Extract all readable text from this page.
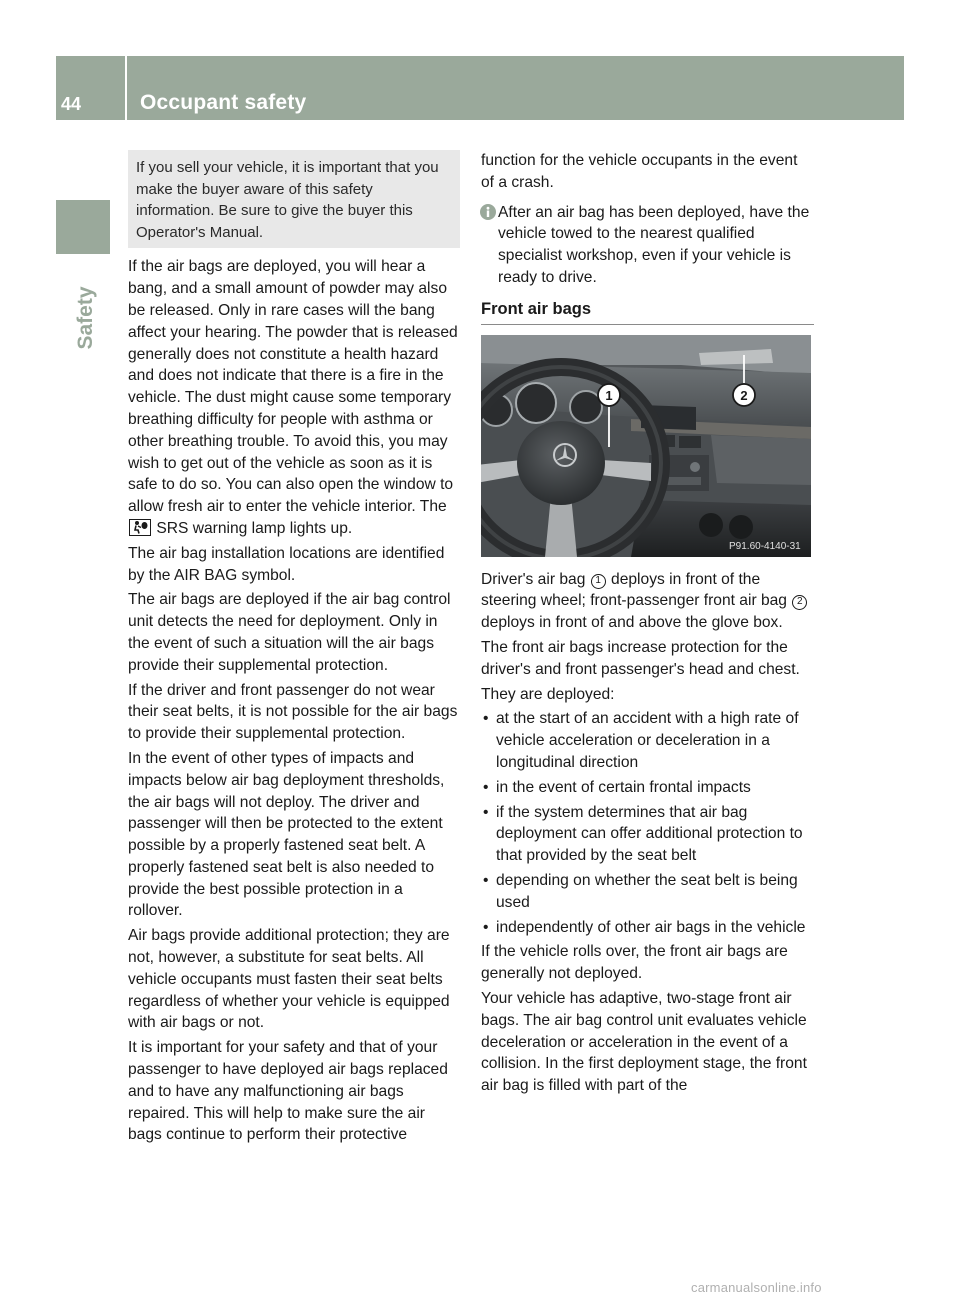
44	Occupant safety
Safety
If you sell your vehicle, it is important that you make the buyer aware of this safety information. Be sure to give the buyer this Operator's Manual.

If the air bags are deployed, you will hear a bang, and a small amount of powder may also be released. Only in rare cases will the bang affect your hearing. The powder that is released generally does not constitute a health hazard and does not indicate that there is a fire in the vehicle. The dust might cause some temporary breathing difficulty for people with asthma or other breathing trouble. To avoid this, you may wish to get out of the vehicle as soon as it is safe to do so. You can also open the window to allow fresh air to enter the vehicle interior. The  SRS warning lamp lights up.

The air bag installation locations are identified by the AIR BAG symbol.

The air bags are deployed if the air bag control unit detects the need for deployment. Only in the event of such a situation will the air bags provide their supplemental protection.

If the driver and front passenger do not wear their seat belts, it is not possible for the air bags to provide their supplemental protection.

In the event of other types of impacts and impacts below air bag deployment thresholds, the air bags will not deploy. The driver and passenger will then be protected to the extent possible by a properly fastened seat belt. A properly fastened seat belt is also needed to provide the best possible protection in a rollover.

Air bags provide additional protection; they are not, however, a substitute for seat belts. All vehicle occupants must fasten their seat belts regardless of whether your vehicle is equipped with air bags or not.

It is important for your safety and that of your passenger to have deployed air bags replaced and to have any malfunctioning air bags repaired. This will help to make sure the air bags continue to perform their protective

function for the vehicle occupants in the event of a crash.

After an air bag has been deployed, have the vehicle towed to the nearest qualified specialist workshop, even if your vehicle is ready to drive.
Front air bags
1	2
P91.60-4140-31

Driver's air bag 1 deploys in front of the steering wheel; front-passenger front air bag 2 deploys in front of and above the glove box.

The front air bags increase protection for the driver's and front passenger's head and chest.

They are deployed:

• at the start of an accident with a high rate of vehicle acceleration or deceleration in a longitudinal direction
• in the event of certain frontal impacts
• if the system determines that air bag deployment can offer additional protection to that provided by the seat belt
• depending on whether the seat belt is being used
• independently of other air bags in the vehicle

If the vehicle rolls over, the front air bags are generally not deployed.

Your vehicle has adaptive, two-stage front air bags. The air bag control unit evaluates vehicle deceleration or acceleration in the event of a collision. In the first deployment stage, the front air bag is filled with part of the

carmanualsonline.info
